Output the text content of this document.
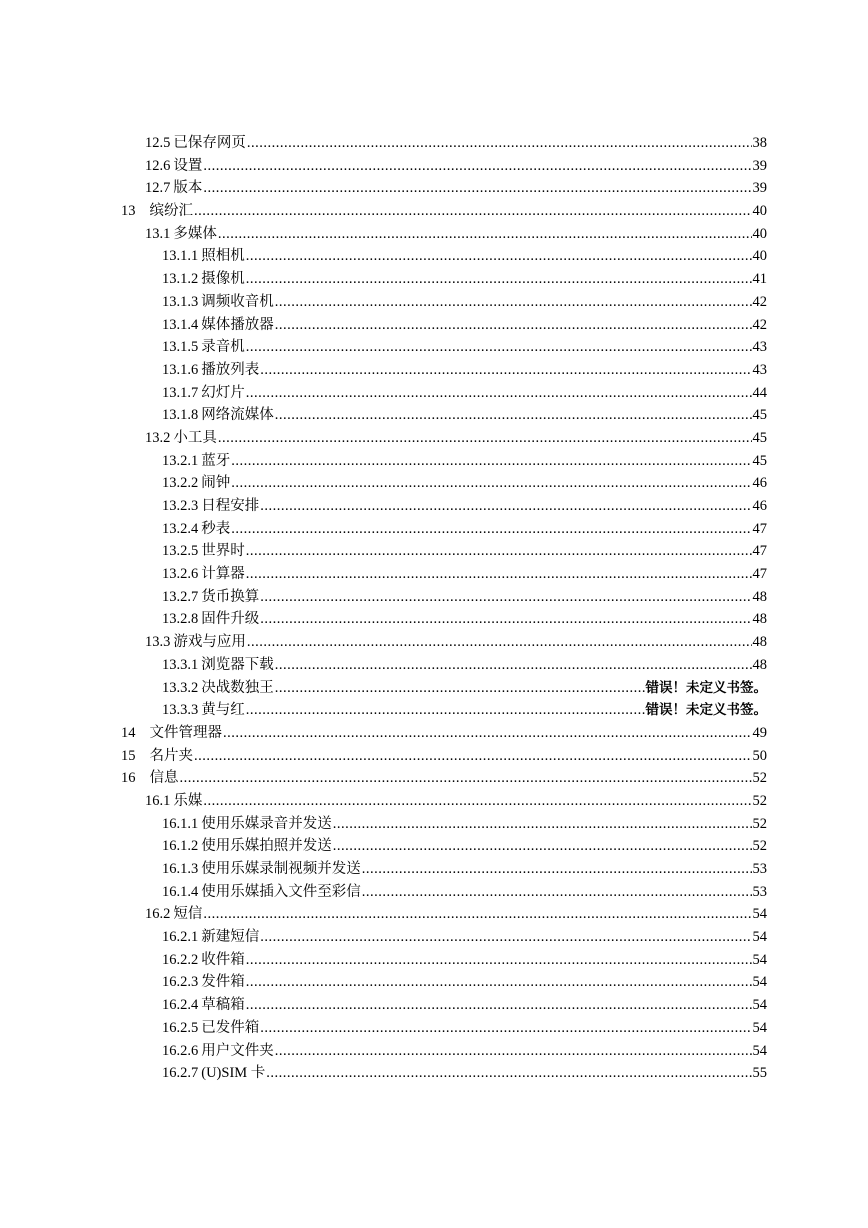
12.5 已保存网页 .....	38
12.6 设置 .....	39
12.7 版本 .....	39
13 缤纷汇 .....	40
13.1 多媒体 .....	40
13.1.1 照相机 .....	40
13.1.2 摄像机 .....	41
13.1.3 调频收音机 .....	42
13.1.4 媒体播放器 .....	42
13.1.5 录音机 .....	43
13.1.6 播放列表 .....	43
13.1.7 幻灯片 .....	44
13.1.8 网络流媒体 .....	45
13.2 小工具 .....	45
13.2.1 蓝牙 .....	45
13.2.2 闹钟 .....	46
13.2.3 日程安排 .....	46
13.2.4 秒表 .....	47
13.2.5 世界时 .....	47
13.2.6 计算器 .....	47
13.2.7 货币换算 .....	48
13.2.8 固件升级 .....	48
13.3 游戏与应用 .....	48
13.3.1 浏览器下载 .....	48
13.3.2 决战数独王 .....	错误！未定义书签。
13.3.3 黄与红 .....	错误！未定义书签。
14 文件管理器 .....	49
15 名片夹 .....	50
16 信息 .....	52
16.1 乐媒 .....	52
16.1.1 使用乐媒录音并发送 .....	52
16.1.2 使用乐媒拍照并发送 .....	52
16.1.3 使用乐媒录制视频并发送 .....	53
16.1.4 使用乐媒插入文件至彩信 .....	53
16.2 短信 .....	54
16.2.1 新建短信 .....	54
16.2.2 收件箱 .....	54
16.2.3 发件箱 .....	54
16.2.4 草稿箱 .....	54
16.2.5 已发件箱 .....	54
16.2.6 用户文件夹 .....	54
16.2.7 (U)SIM 卡 .....	55
